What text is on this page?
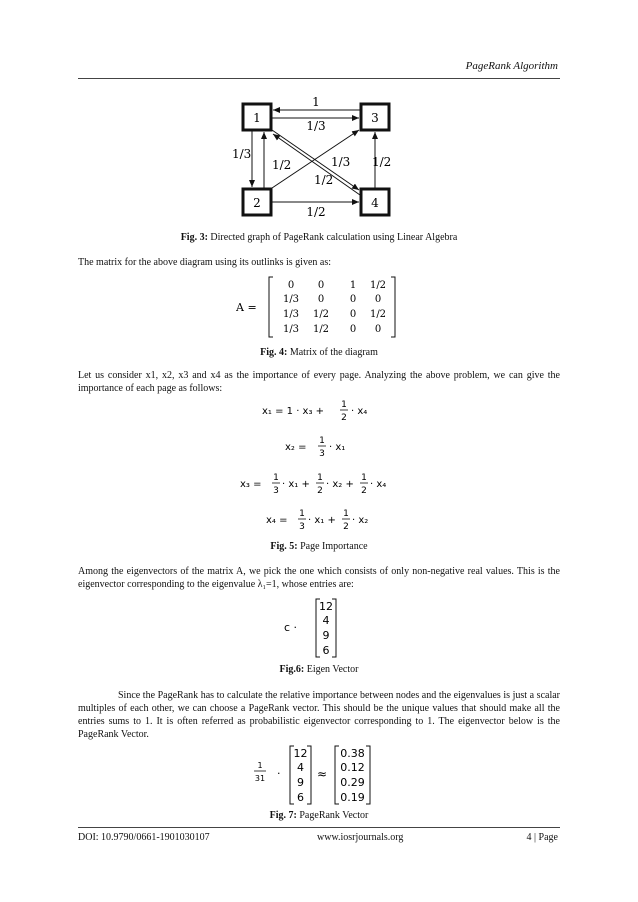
PageRank Algorithm
1	3
2	4
1
1/3
1/3
1/2	1/3 1/2
1/2
1/2
Fig. 3: Directed graph of PageRank calculation using Linear Algebra
The matrix for the above diagram using its outlinks is given as:
A =
0 0	1 1/2
1/3 0	0 0
1/3 1/2 0 1/2
1/3 1/2 0 0
Fig. 4: Matrix of the diagram
Let us consider x1, x2, x3 and x4 as the importance of every page. Analyzing the above problem, we can give the importance of each page as follows:
x₁ = 1 · x₃ +
1
2
· x₄
x₂ =
1
3
· x₁
x₃ =
1
3
· x₁ +
1
2
· x₂ +
1
2
· x₄
x₄ =
1
3
· x₁ +
1
2
· x₂
Fig. 5: Page Importance
Among the eigenvectors of the matrix A, we pick the one which consists of only non-negative real values. This is the eigenvector corresponding to the eigenvalue λ₁=1, whose entries are:
c ·
12
4
9
6
Fig.6: Eigen Vector
Since the PageRank has to calculate the relative importance between nodes and the eigenvalues is just a scalar multiples of each other, we can choose a PageRank vector. This should be the unique values that should make all the entries sums to 1. It is often referred as probabilistic eigenvector corresponding to 1. The eigenvector below is the PageRank Vector.
1
31 ·
12
4
9
6
≈
0.38
0.12
0.29
0.19
Fig. 7: PageRank Vector
DOI: 10.9790/0661-1901030107	www.iosrjournals.org	4 | Page
